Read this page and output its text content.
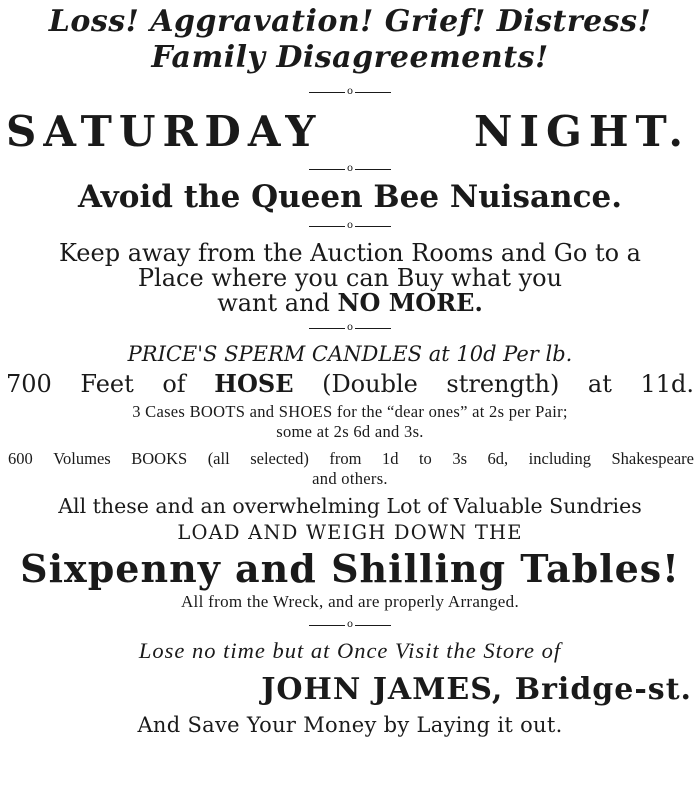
Loss! Aggravation! Grief! Distress!

Family Disagreements!

o
SATURDAY	NIGHT.
o

Avoid the Queen Bee Nuisance.

o

Keep away from the Auction Rooms and Go to a

Place where you can Buy what you

want and NO MORE.

o

PRICE'S SPERM CANDLES at 10d Per lb.

700 Feet of HOSE (Double strength) at 11d.

3 Cases BOOTS and SHOES for the “dear ones” at 2s per Pair;

some at 2s 6d and 3s.

600 Volumes BOOKS (all selected) from 1d to 3s 6d, including Shakespeare

and others.

All these and an overwhelming Lot of Valuable Sundries

LOAD AND WEIGH DOWN THE

Sixpenny and Shilling Tables!

All from the Wreck, and are properly Arranged.

o

Lose no time but at Once Visit the Store of

JOHN JAMES, Bridge-st.

And Save Your Money by Laying it out.
